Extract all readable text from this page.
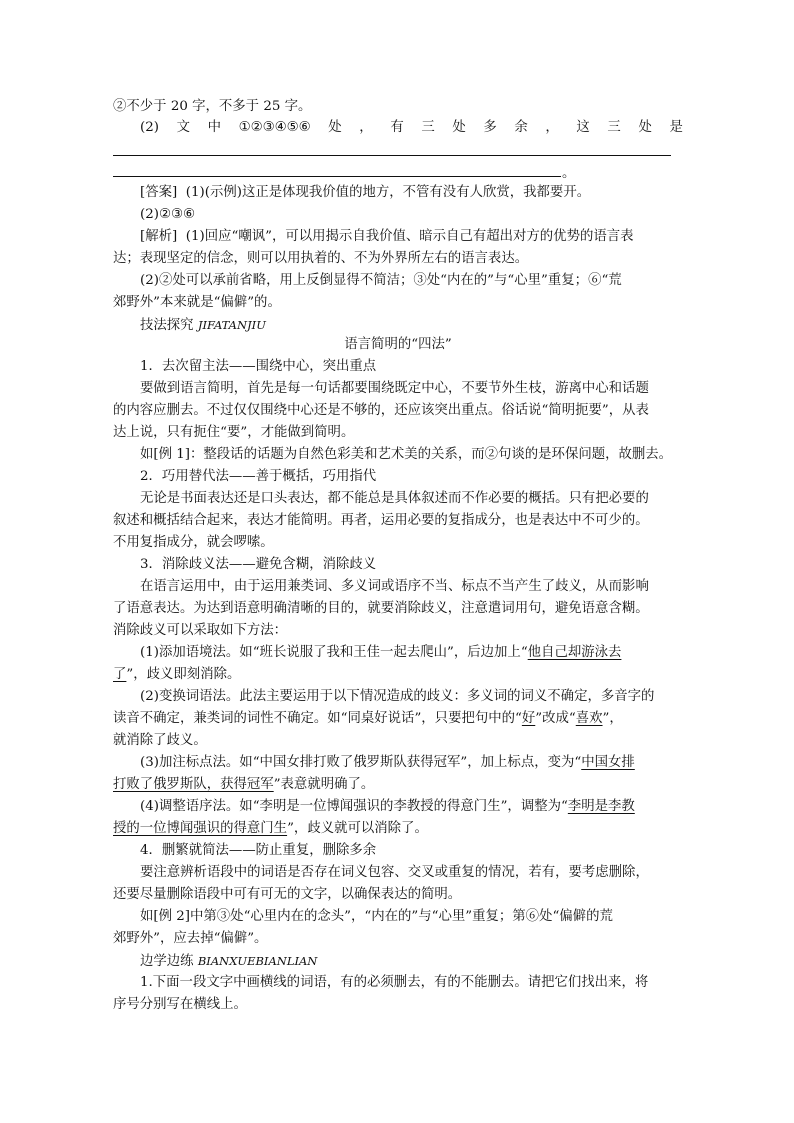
②不少于 20 字，不多于 25 字。
(2) 文 中 ①②③④⑤⑥ 处 ， 有 三 处 多 余 ， 这 三 处 是
。
[答案] (1)(示例)这正是体现我价值的地方，不管有没有人欣赏，我都要开。
(2)②③⑥
[解析] (1)回应“嘲讽”，可以用揭示自我价值、暗示自己有超出对方的优势的语言表
达；表现坚定的信念，则可以用执着的、不为外界所左右的语言表达。
(2)②处可以承前省略，用上反倒显得不简洁；③处“内在的”与“心里”重复；⑥“荒
郊野外”本来就是“偏僻”的。
技法探究 JIFATANJIU
语言简明的“四法”
1．去次留主法——围绕中心，突出重点
要做到语言简明，首先是每一句话都要围绕既定中心，不要节外生枝，游离中心和话题
的内容应删去。不过仅仅围绕中心还是不够的，还应该突出重点。俗话说“简明扼要”，从表
达上说，只有扼住“要”，才能做到简明。
如[例 1]：整段话的话题为自然色彩美和艺术美的关系，而②句谈的是环保问题，故删去。
2．巧用替代法——善于概括，巧用指代
无论是书面表达还是口头表达，都不能总是具体叙述而不作必要的概括。只有把必要的
叙述和概括结合起来，表达才能简明。再者，运用必要的复指成分，也是表达中不可少的。
不用复指成分，就会啰嗦。
3．消除歧义法——避免含糊，消除歧义
在语言运用中，由于运用兼类词、多义词或语序不当、标点不当产生了歧义，从而影响
了语意表达。为达到语意明确清晰的目的，就要消除歧义，注意遣词用句，避免语意含糊。
消除歧义可以采取如下方法：
(1)添加语境法。如“班长说服了我和王佳一起去爬山”，后边加上“他自己却游泳去
了”，歧义即刻消除。
(2)变换词语法。此法主要运用于以下情况造成的歧义：多义词的词义不确定，多音字的
读音不确定，兼类词的词性不确定。如“同桌好说话”，只要把句中的“好”改成“喜欢”，
就消除了歧义。
(3)加注标点法。如“中国女排打败了俄罗斯队获得冠军”，加上标点，变为“中国女排
打败了俄罗斯队，获得冠军”表意就明确了。
(4)调整语序法。如“李明是一位博闻强识的李教授的得意门生”，调整为“李明是李教
授的一位博闻强识的得意门生”，歧义就可以消除了。
4．删繁就简法——防止重复，删除多余
要注意辨析语段中的词语是否存在词义包容、交叉或重复的情况，若有，要考虑删除，
还要尽量删除语段中可有可无的文字，以确保表达的简明。
如[例 2]中第③处“心里内在的念头”，“内在的”与“心里”重复；第⑥处“偏僻的荒
郊野外”，应去掉“偏僻”。
边学边练 BIANXUEBIANLIAN
1.下面一段文字中画横线的词语，有的必须删去，有的不能删去。请把它们找出来，将
序号分别写在横线上。
